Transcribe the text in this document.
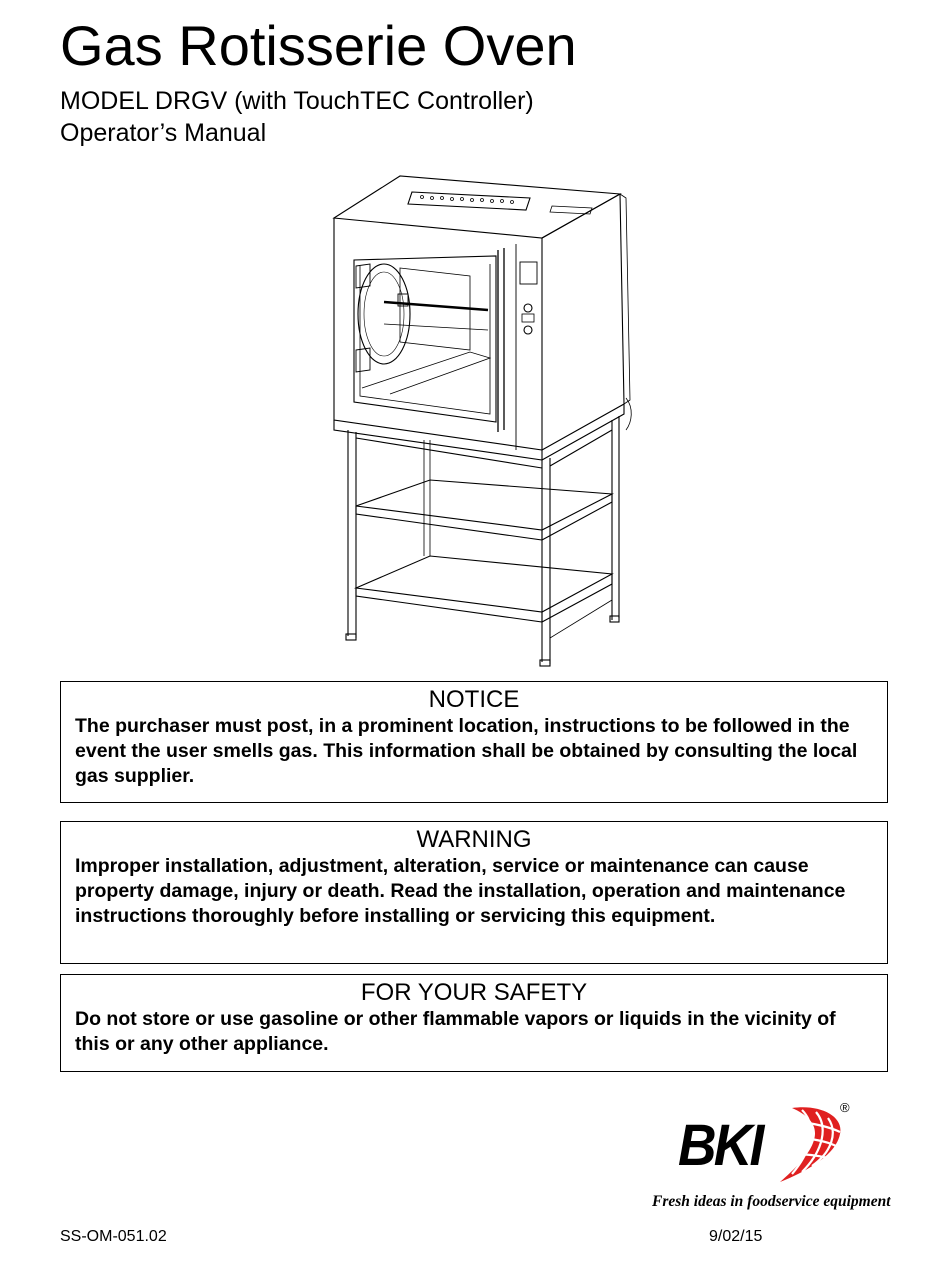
Gas Rotisserie Oven
MODEL DRGV (with TouchTEC Controller)
Operator’s Manual
NOTICE
The purchaser must post, in a prominent location, instructions to be followed in the event the user smells gas. This information shall be obtained by consulting the local gas supplier.
WARNING
Improper installation, adjustment, alteration, service or maintenance can cause property damage, injury or death. Read the installation, operation and maintenance instructions thoroughly before installing or servicing this equipment.
FOR YOUR SAFETY
Do not store or use gasoline or other flammable vapors or liquids in the vicinity of this or any other appliance.
BKI
®
Fresh ideas in foodservice equipment
SS-OM-051.02	9/02/15
